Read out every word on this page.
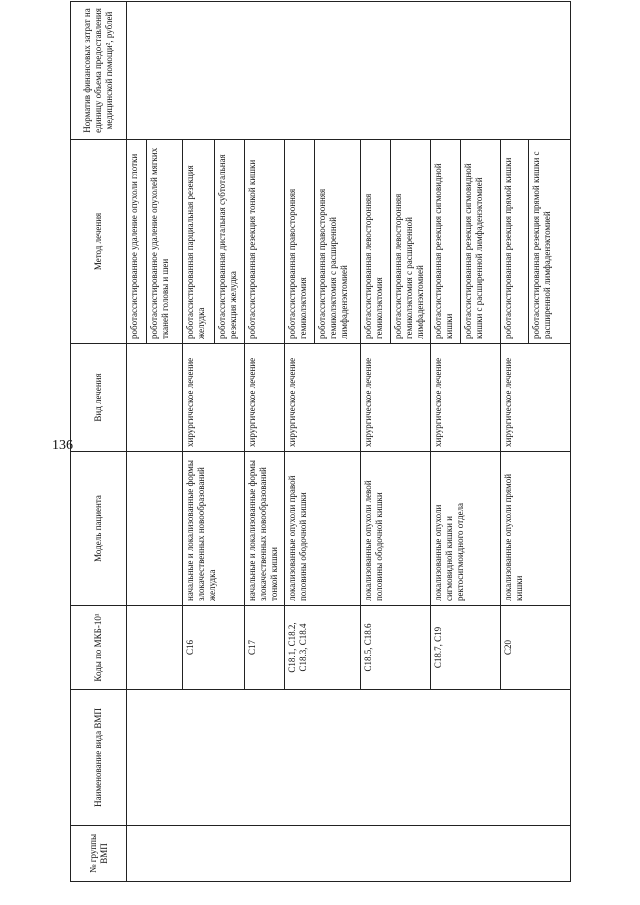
136
№ группы ВМП	Наименование вида ВМП	Коды по МКБ-10¹	Модель пациента	Вид лечения	Метод лечения	Норматив финансовых затрат на единицу объема предоставления медицинской помощи², рублей
					роботассистированное удаление опухоли глотки	
					роботассистированное удаление опухолей мягких тканей головы и шеи	
		C16	начальные и локализованные формы злокачественных новообразований желудка	хирургическое лечение	роботассистированная парциальная резекция желудка	
					роботассистированная дистальная субтотальная резекция желудка	
		C17	начальные и локализованные формы злокачественных новообразований тонкой кишки	хирургическое лечение	роботассистированная резекция тонкой кишки	
		C18.1, C18.2, C18.3, C18.4	локализованные опухоли правой половины ободочной кишки	хирургическое лечение	роботассистированная правосторонняя гемиколэктомия	
					роботассистированная правосторонняя гемиколэктомия с расширенной лимфаденэктомией	
		C18.5, C18.6	локализованные опухоли левой половины ободочной кишки	хирургическое лечение	роботассистированная левосторонняя гемиколэктомия	
					роботассистированная левосторонняя гемиколэктомия с расширенной лимфаденэктомией	
		C18.7, C19	локализованные опухоли сигмовидной кишки и ректосигмоидного отдела	хирургическое лечение	роботассистированная резекция сигмовидной кишки	
					роботассистированная резекция сигмовидной кишки с расширенной лимфаденэктомией	
		C20	локализованные опухоли прямой кишки	хирургическое лечение	роботассистированная резекция прямой кишки	
					роботассистированная резекция прямой кишки с расширенной лимфаденэктомией	
